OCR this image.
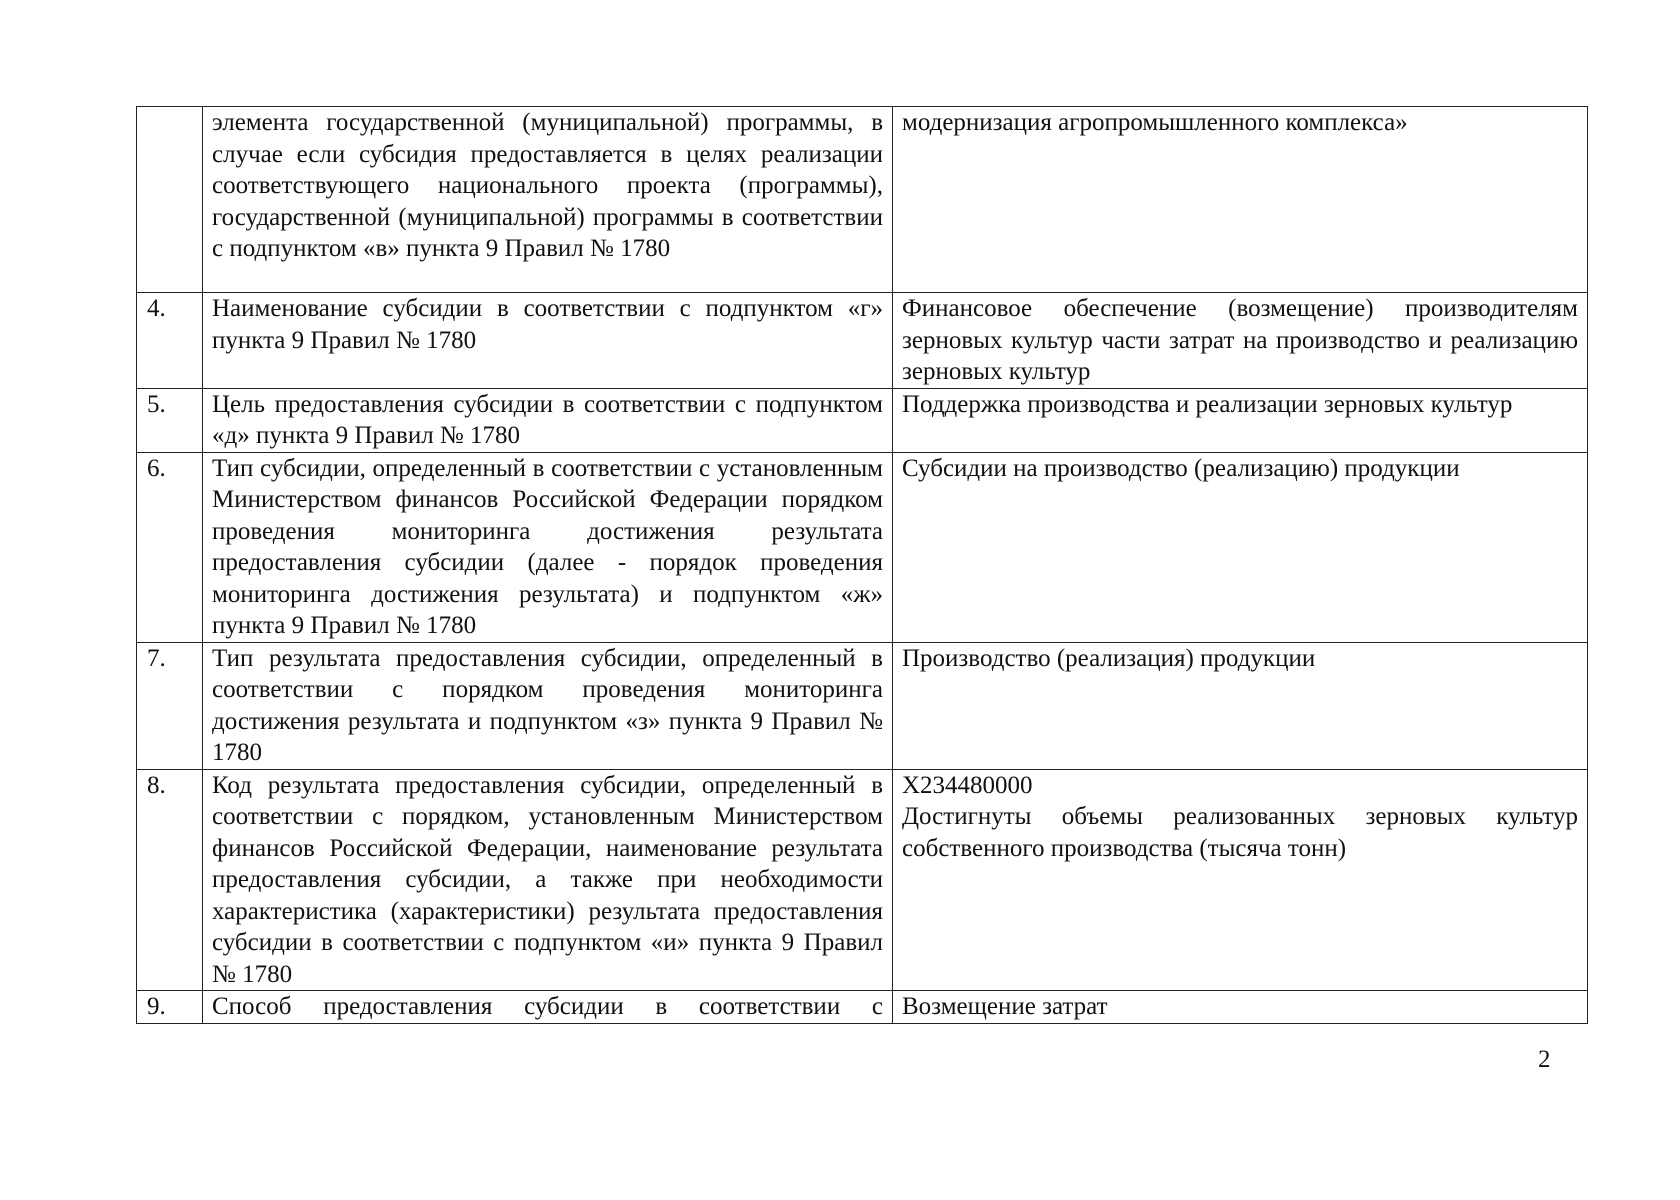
	элемента государственной (муниципальной) программы, в случае если субсидия предоставляется в целях реализации соответствующего национального проекта (программы), государственной (муниципальной) программы в соответствии с подпунктом «в» пункта 9 Правил № 1780	модернизация агропромышленного комплекса»
4.	Наименование субсидии в соответствии с подпунктом «г» пункта 9 Правил № 1780	Финансовое обеспечение (возмещение) производителям зерновых культур части затрат на производство и реализацию зерновых культур
5.	Цель предоставления субсидии в соответствии с подпунктом «д» пункта 9 Правил № 1780	Поддержка производства и реализации зерновых культур
6.	Тип субсидии, определенный в соответствии с установленным Министерством финансов Российской Федерации порядком проведения мониторинга достижения результата предоставления субсидии (далее - порядок проведения мониторинга достижения результата) и подпунктом «ж» пункта 9 Правил № 1780	Субсидии на производство (реализацию) продукции
7.	Тип результата предоставления субсидии, определенный в соответствии с порядком проведения мониторинга достижения результата и подпунктом «з» пункта 9 Правил № 1780	Производство (реализация) продукции
8.	Код результата предоставления субсидии, определенный в соответствии с порядком, установленным Министерством финансов Российской Федерации, наименование результата предоставления субсидии, а также при необходимости характеристика (характеристики) результата предоставления субсидии в соответствии с подпунктом «и» пункта 9 Правил № 1780	Х234480000
Достигнуты объемы реализованных зерновых культур собственного производства (тысяча тонн)

9.	Способ предоставления субсидии в соответствии с	Возмещение затрат
2
